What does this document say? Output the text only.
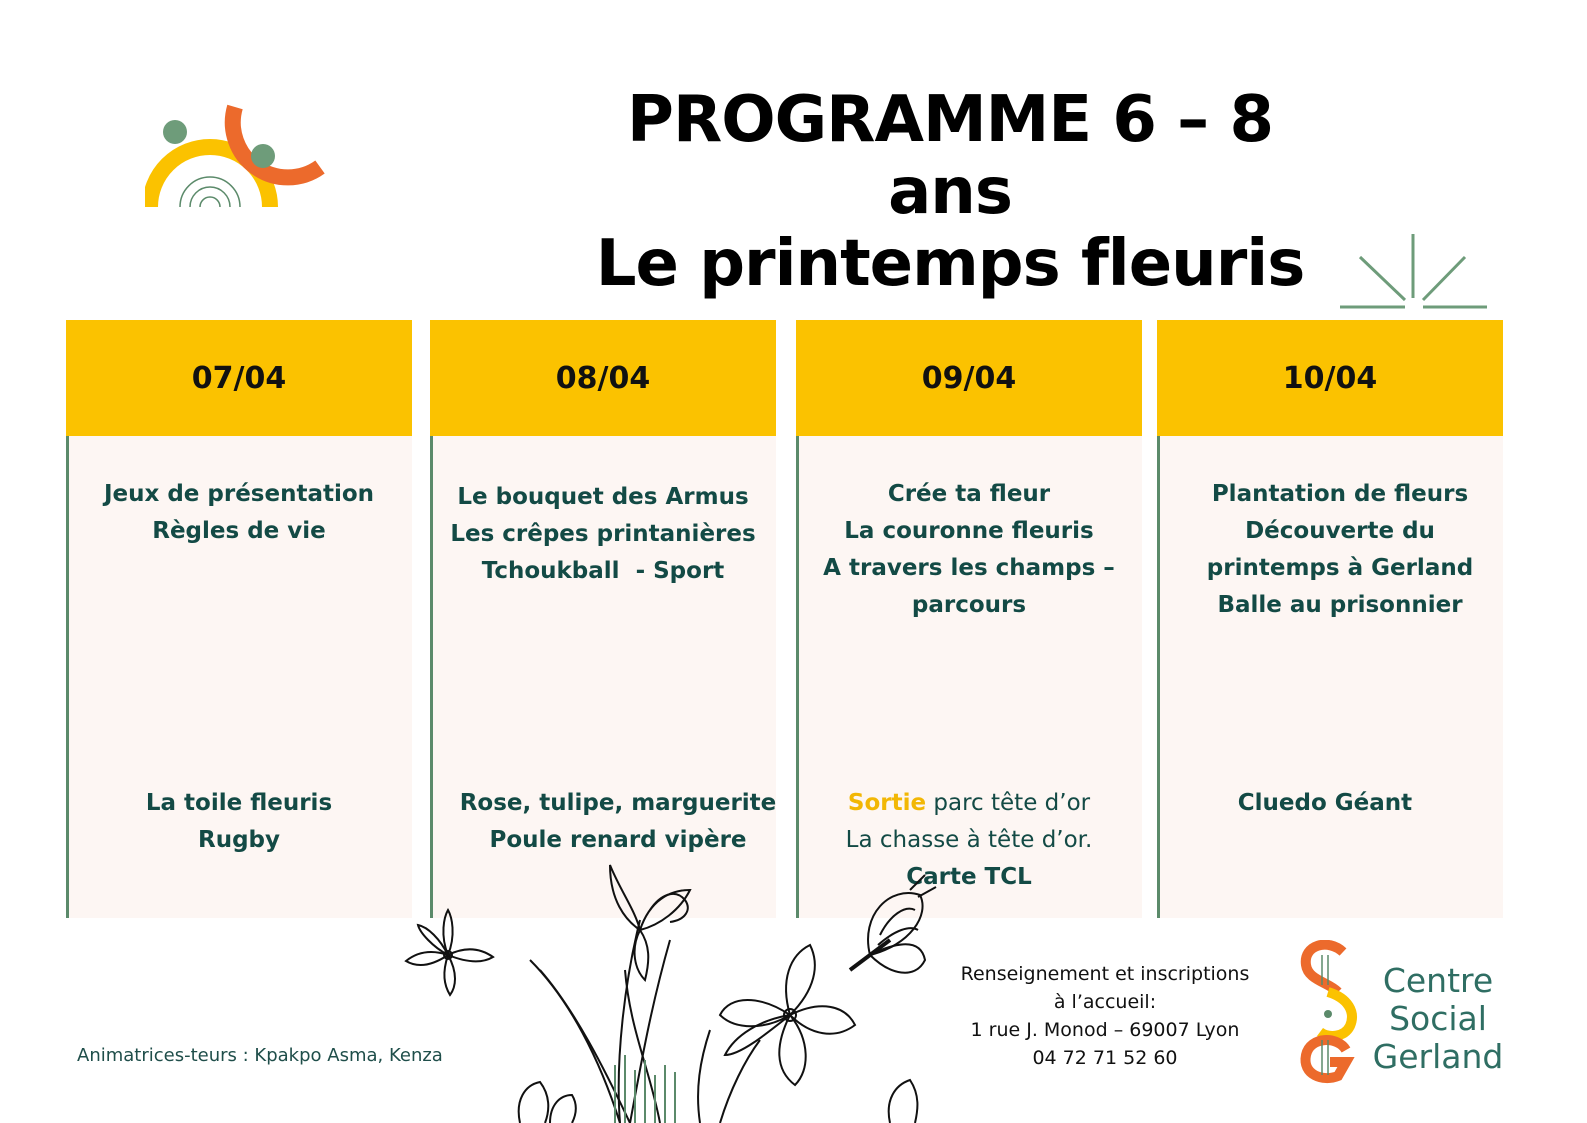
PROGRAMME 6 – 8 ans
Le printemps fleuris
07/04
Jeux de présentation
Règles de vie
La toile fleuris
Rugby
08/04
Le bouquet des Armus
Les crêpes printanières
Tchoukball  - Sport
Rose, tulipe, marguerite
Poule renard vipère
09/04
Crée ta fleur
La couronne fleuris
A travers les champs –
parcours
Sortie parc tête d’or
La chasse à tête d’or.
Carte TCL
10/04
Plantation de fleurs
Découverte du
printemps à Gerland
Balle au prisonnier
Cluedo Géant
Renseignement et inscriptions
à l’accueil:
1 rue J. Monod – 69007 Lyon
04 72 71 52 60
Animatrices-teurs : Kpakpo Asma, Kenza
Centre
Social
Gerland
